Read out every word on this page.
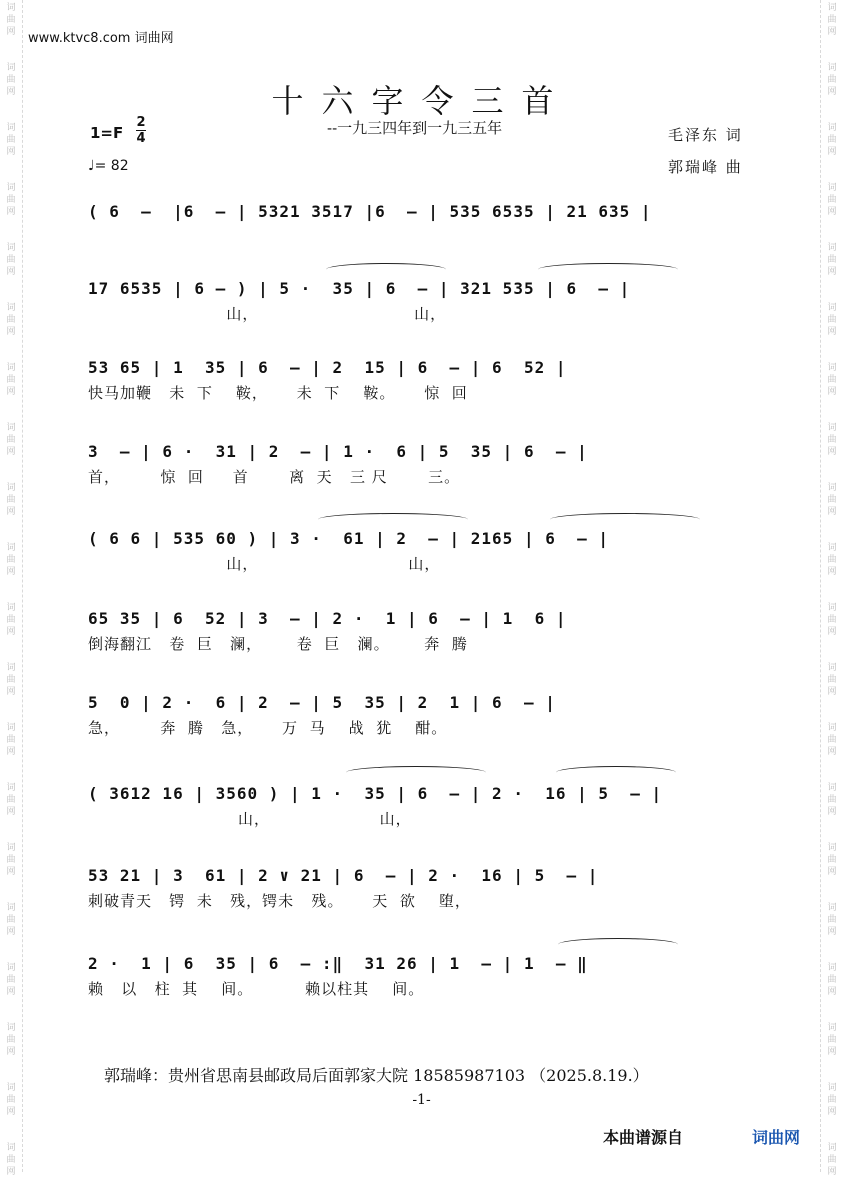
词
曲
网
词
曲
网
词
曲
网
词
曲
网
词
曲
网
词
曲
网
词
曲
网
词
曲
网
词
曲
网
词
曲
网
词
曲
网
词
曲
网
词
曲
网
词
曲
网
词
曲
网
词
曲
网
词
曲
网
词
曲
网
词
曲
网
词
曲
网
词
曲
网
词
曲
网
词
曲
网
词
曲
网
词
曲
网
词
曲
网
词
曲
网
词
曲
网
词
曲
网
词
曲
网
词
曲
网
词
曲
网
词
曲
网
词
曲
网
词
曲
网
词
曲
网
词
曲
网
词
曲
网
词
曲
网
词
曲
网
www.ktvc8.com 词曲网
十六字令三首
--一九三四年到一九三五年
1=F
2
4
♩= 82
毛泽东 词
郭瑞峰 曲
( 6  –  |6  – | 5321 3517 |6  – | 535 6535 | 21 635 |
17 6535 | 6 – ) | 5 ·  35 | 6  – | 321 535 | 6  – |
山，                           山，
53 65 | 1  35 | 6  – | 2  15 | 6  – | 6  52 |
快马加鞭   未  下    鞍，     未  下    鞍。     惊  回
3  – | 6 ·  31 | 2  – | 1 ·  6 | 5  35 | 6  – |
首，       惊  回     首       离  天   三 尺       三。
( 6 6 | 535 60 ) | 3 ·  61 | 2  – | 2165 | 6  – |
山，                          山，
65 35 | 6  52 | 3  – | 2 ·  1 | 6  – | 1  6 |
倒海翻江   卷  巨   澜，      卷  巨   澜。      奔  腾
5  0 | 2 ·  6 | 2  – | 5  35 | 2  1 | 6  – |
急，       奔  腾   急，     万  马    战  犹    酣。
( 3612 16 | 3560 ) | 1 ·  35 | 6  – | 2 ·  16 | 5  – |
山，                   山，
53 21 | 3  61 | 2 ∨ 21 | 6  – | 2 ·  16 | 5  – |
刺破青天   锷  未   残，锷未   残。     天  欲    堕，
2 ·  1 | 6  35 | 6  – :‖  31 26 | 1  – | 1  – ‖
赖   以   柱  其    间。         赖以柱其    间。
郭瑞峰：贵州省思南县邮政局后面郭家大院 18585987103 （2025.8.19.）
-1-
本曲谱源自	词曲网
